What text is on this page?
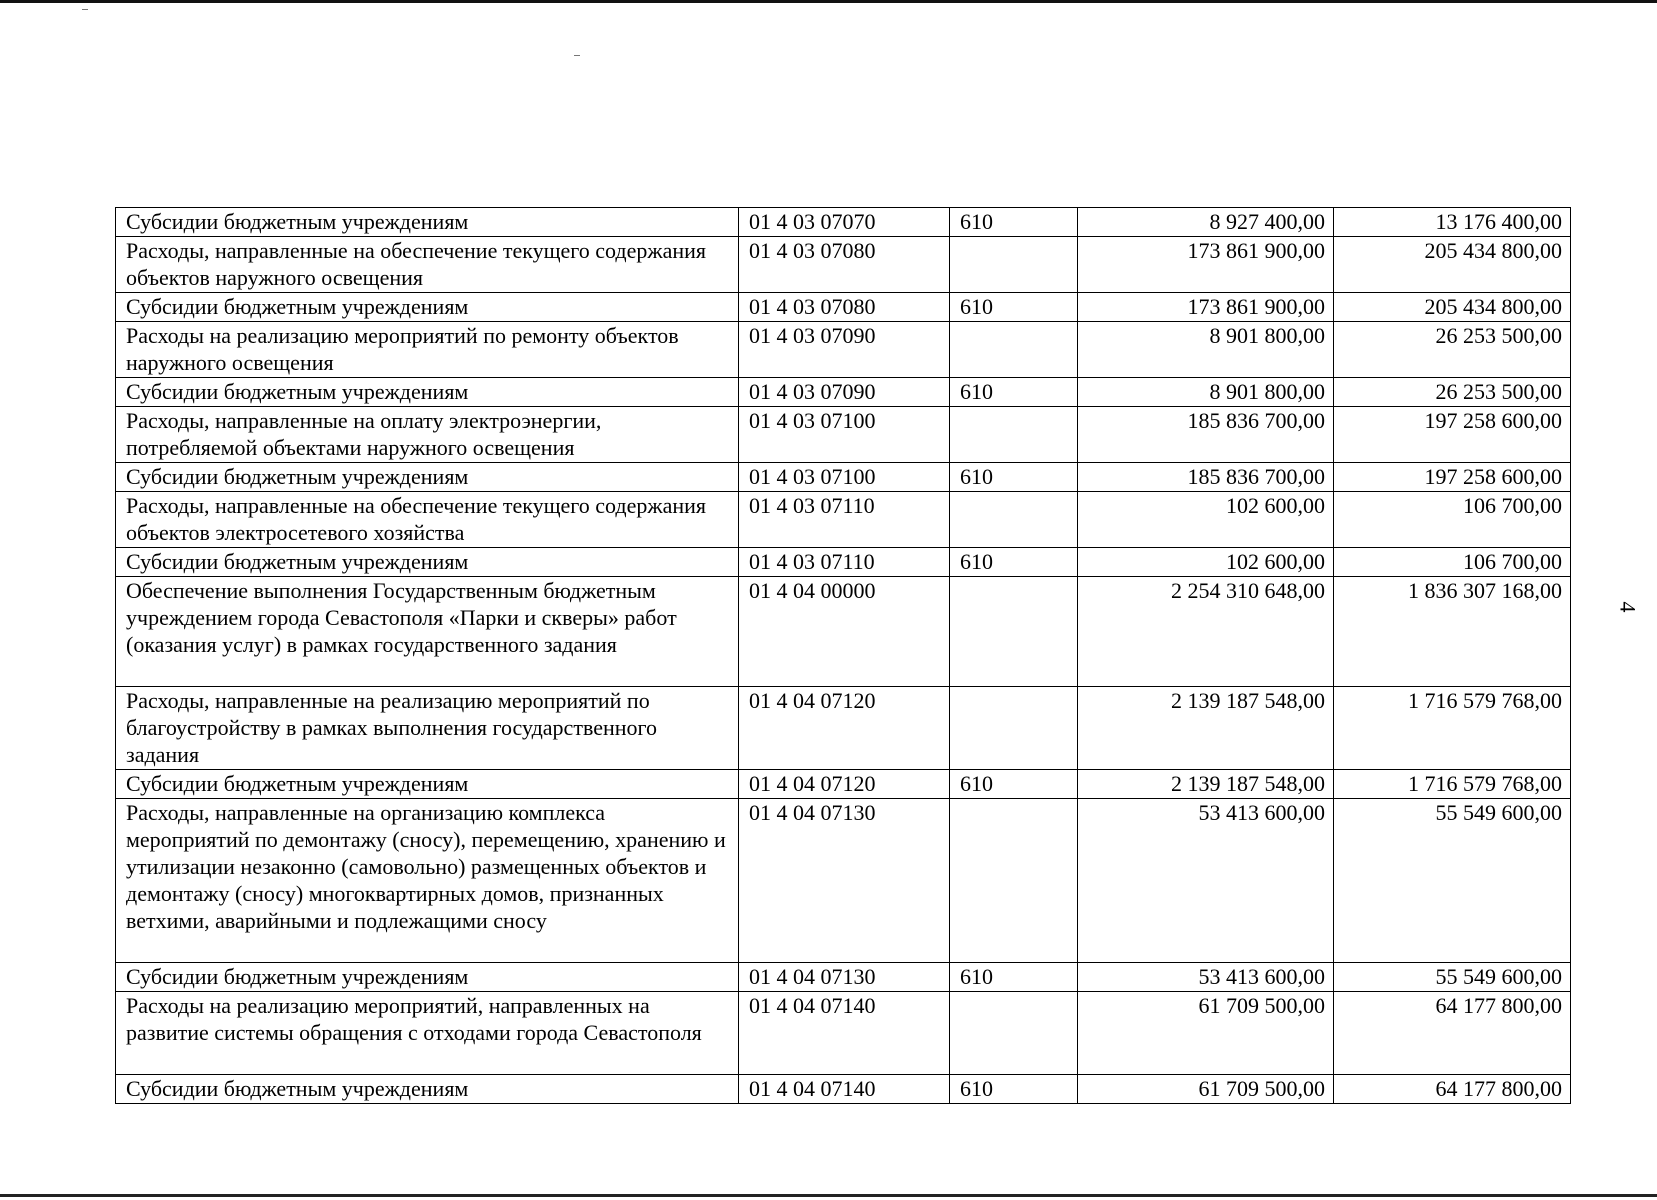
4
Субсидии бюджетным учреждениям	01 4 03 07070	610	8 927 400,00	13 176 400,00
Расходы, направленные на обеспечение текущего содержания объектов наружного освещения	01 4 03 07080		173 861 900,00	205 434 800,00
Субсидии бюджетным учреждениям	01 4 03 07080	610	173 861 900,00	205 434 800,00
Расходы на реализацию мероприятий по ремонту объектов наружного освещения	01 4 03 07090		8 901 800,00	26 253 500,00
Субсидии бюджетным учреждениям	01 4 03 07090	610	8 901 800,00	26 253 500,00
Расходы, направленные на оплату электроэнергии, потребляемой объектами наружного освещения	01 4 03 07100		185 836 700,00	197 258 600,00
Субсидии бюджетным учреждениям	01 4 03 07100	610	185 836 700,00	197 258 600,00
Расходы, направленные на обеспечение текущего содержания объектов электросетевого хозяйства	01 4 03 07110		102 600,00	106 700,00
Субсидии бюджетным учреждениям	01 4 03 07110	610	102 600,00	106 700,00
Обеспечение выполнения Государственным бюджетным учреждением города Севастополя «Парки и скверы» работ (оказания услуг) в рамках государственного задания	01 4 04 00000		2 254 310 648,00	1 836 307 168,00
Расходы, направленные на реализацию мероприятий по благоустройству в рамках выполнения государственного задания	01 4 04 07120		2 139 187 548,00	1 716 579 768,00
Субсидии бюджетным учреждениям	01 4 04 07120	610	2 139 187 548,00	1 716 579 768,00
Расходы, направленные на организацию комплекса мероприятий по демонтажу (сносу), перемещению, хранению и утилизации незаконно (самовольно) размещенных объектов и демонтажу (сносу) многоквартирных домов, признанных ветхими, аварийными и подлежащими сносу	01 4 04 07130		53 413 600,00	55 549 600,00
Субсидии бюджетным учреждениям	01 4 04 07130	610	53 413 600,00	55 549 600,00
Расходы на реализацию мероприятий, направленных на развитие системы обращения с отходами города Севастополя	01 4 04 07140		61 709 500,00	64 177 800,00
Субсидии бюджетным учреждениям	01 4 04 07140	610	61 709 500,00	64 177 800,00
